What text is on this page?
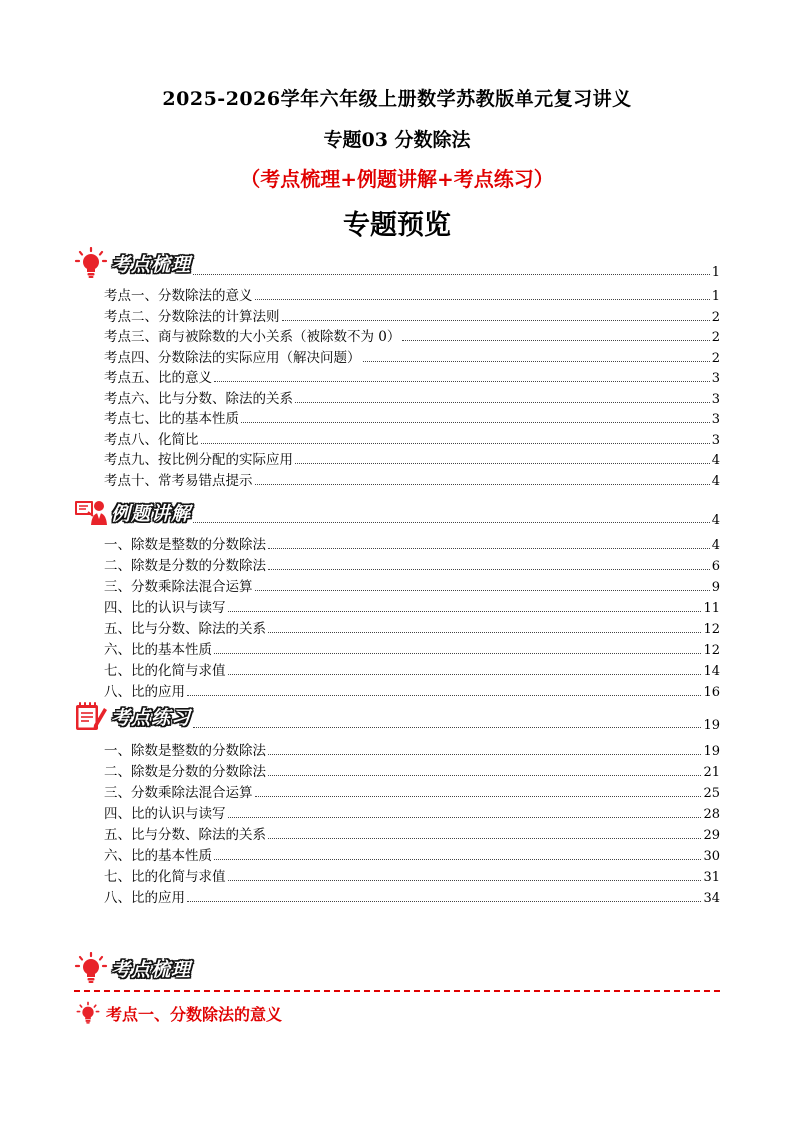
2025-2026学年六年级上册数学苏教版单元复习讲义
专题03 分数除法
（考点梳理+例题讲解+考点练习）
专题预览
考点梳理	1
考点一、分数除法的意义	1
考点二、分数除法的计算法则	2
考点三、商与被除数的大小关系（被除数不为 0）	2
考点四、分数除法的实际应用（解决问题）	2
考点五、比的意义	3
考点六、比与分数、除法的关系	3
考点七、比的基本性质	3
考点八、化简比	3
考点九、按比例分配的实际应用	4
考点十、常考易错点提示	4
例题讲解	4
一、除数是整数的分数除法	4
二、除数是分数的分数除法	6
三、分数乘除法混合运算	9
四、比的认识与读写	11
五、比与分数、除法的关系	12
六、比的基本性质	12
七、比的化简与求值	14
八、比的应用	16
考点练习	19
一、除数是整数的分数除法	19
二、除数是分数的分数除法	21
三、分数乘除法混合运算	25
四、比的认识与读写	28
五、比与分数、除法的关系	29
六、比的基本性质	30
七、比的化简与求值	31
八、比的应用	34
考点梳理
考点一、分数除法的意义
